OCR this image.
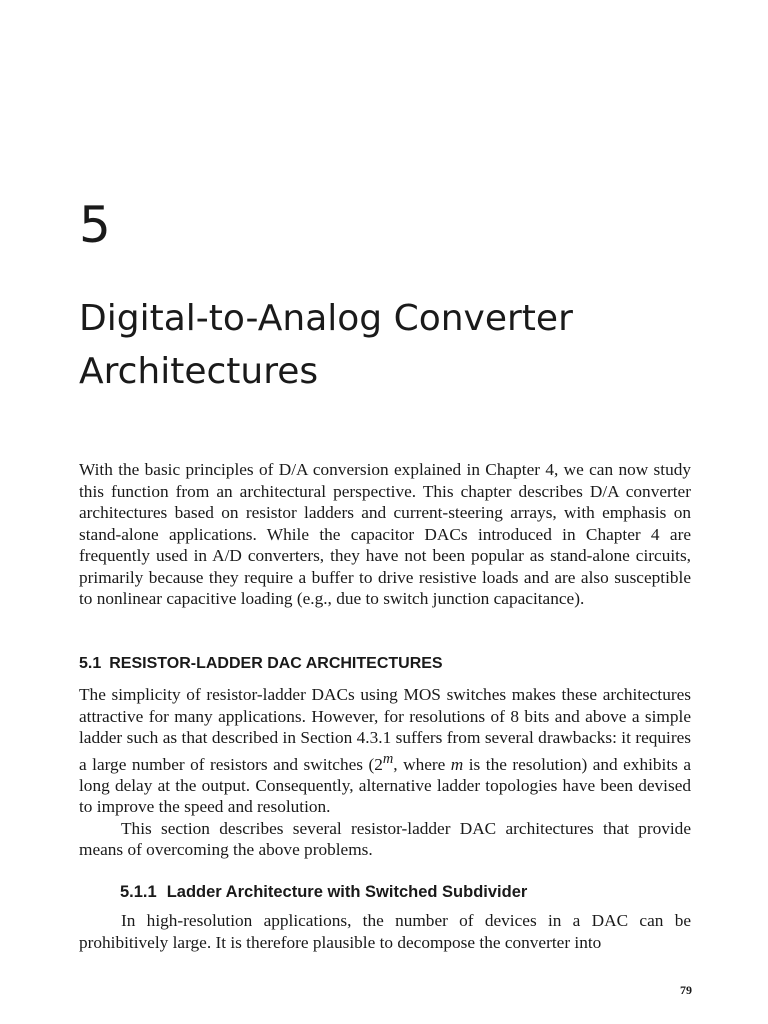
5
Digital-to-Analog Converter
Architectures

With the basic principles of D/A conversion explained in Chapter 4, we can now study this function from an architectural perspective. This chapter describes D/A converter architectures based on resistor ladders and current-steering arrays, with emphasis on stand-alone applications. While the capacitor DACs introduced in Chapter 4 are frequently used in A/D converters, they have not been popular as stand-alone circuits, primarily because they require a buffer to drive resistive loads and are also susceptible to nonlinear capacitive loading (e.g., due to switch junction capacitance).

5.1 RESISTOR-LADDER DAC ARCHITECTURES

The simplicity of resistor-ladder DACs using MOS switches makes these architectures attractive for many applications. However, for resolutions of 8 bits and above a simple ladder such as that described in Section 4.3.1 suffers from several drawbacks: it requires a large number of resistors and switches (2$^m$, where m is the resolution) and exhibits a long delay at the output. Consequently, alternative ladder topologies have been devised to improve the speed and resolution.

This section describes several resistor-ladder DAC architectures that provide means of overcoming the above problems.

5.1.1 Ladder Architecture with Switched Subdivider

In high-resolution applications, the number of devices in a DAC can be prohibitively large. It is therefore plausible to decompose the converter into

79
